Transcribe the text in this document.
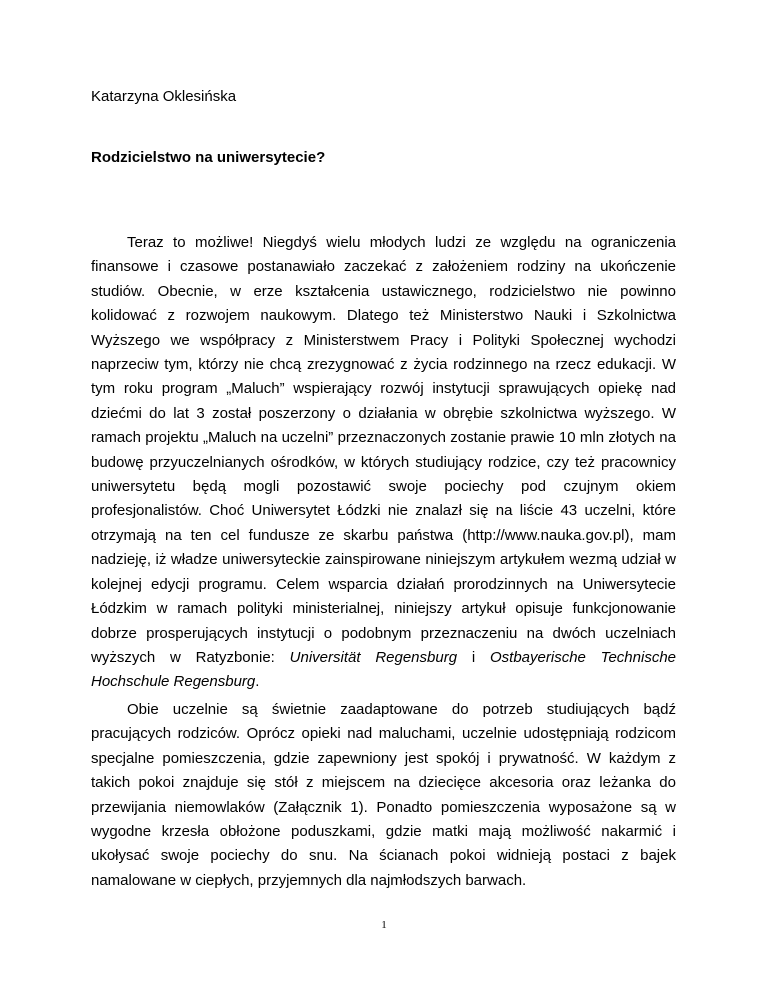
Katarzyna Oklesińska

Rodzicielstwo na uniwersytecie?

Teraz to możliwe! Niegdyś wielu młodych ludzi ze względu na ograniczenia finansowe i czasowe postanawiało zaczekać z założeniem rodziny na ukończenie studiów. Obecnie, w erze kształcenia ustawicznego, rodzicielstwo nie powinno kolidować z rozwojem naukowym. Dlatego też Ministerstwo Nauki i Szkolnictwa Wyższego we współpracy z Ministerstwem Pracy i Polityki Społecznej wychodzi naprzeciw tym, którzy nie chcą zrezygnować z życia rodzinnego na rzecz edukacji. W tym roku program „Maluch” wspierający rozwój instytucji sprawujących opiekę nad dziećmi do lat 3 został poszerzony o działania w obrębie szkolnictwa wyższego. W ramach projektu „Maluch na uczelni” przeznaczonych zostanie prawie 10 mln złotych na budowę przyuczelnianych ośrodków, w których studiujący rodzice, czy też pracownicy uniwersytetu będą mogli pozostawić swoje pociechy pod czujnym okiem profesjonalistów. Choć Uniwersytet Łódzki nie znalazł się na liście 43 uczelni, które otrzymają na ten cel fundusze ze skarbu państwa (http://www.nauka.gov.pl), mam nadzieję, iż władze uniwersyteckie zainspirowane niniejszym artykułem wezmą udział w kolejnej edycji programu. Celem wsparcia działań prorodzinnych na Uniwersytecie Łódzkim w ramach polityki ministerialnej, niniejszy artykuł opisuje funkcjonowanie dobrze prosperujących instytucji o podobnym przeznaczeniu na dwóch uczelniach wyższych w Ratyzbonie: Universität Regensburg i Ostbayerische Technische Hochschule Regensburg.

Obie uczelnie są świetnie zaadaptowane do potrzeb studiujących bądź pracujących rodziców. Oprócz opieki nad maluchami, uczelnie udostępniają rodzicom specjalne pomieszczenia, gdzie zapewniony jest spokój i prywatność. W każdym z takich pokoi znajduje się stół z miejscem na dziecięce akcesoria oraz leżanka do przewijania niemowlaków (Załącznik 1). Ponadto pomieszczenia wyposażone są w wygodne krzesła obłożone poduszkami, gdzie matki mają możliwość nakarmić i ukołysać swoje pociechy do snu. Na ścianach pokoi widnieją postaci z bajek namalowane w ciepłych, przyjemnych dla najmłodszych barwach.

1
